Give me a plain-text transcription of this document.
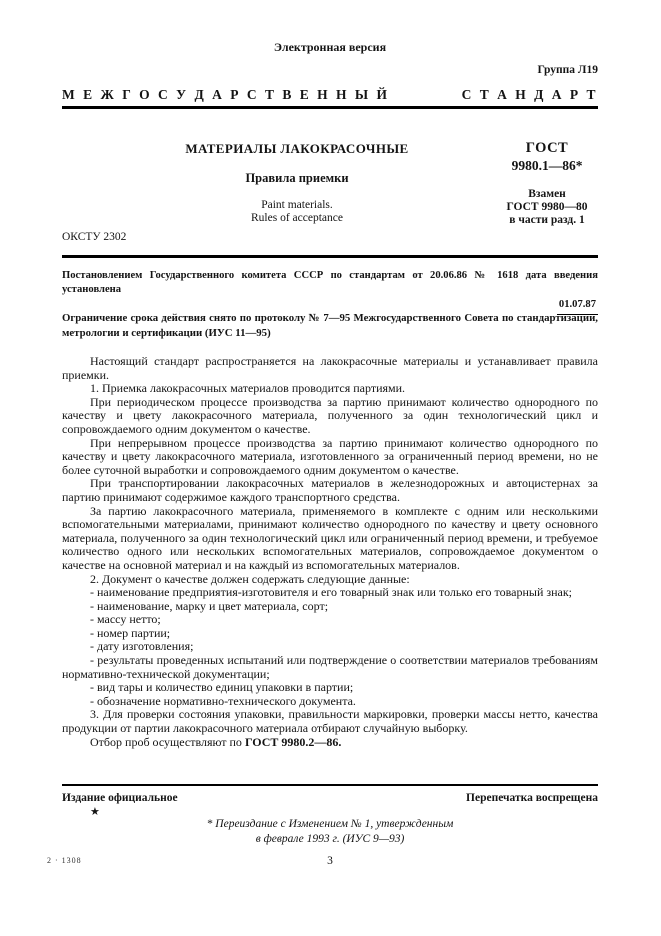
Электронная версия
Группа Л19
М Е Ж Г О С У Д А Р С Т В Е Н Н Ы Й	С Т А Н Д А Р Т
МАТЕРИАЛЫ ЛАКОКРАСОЧНЫЕ
Правила приемки
Paint materials.
Rules of acceptance
ГОСТ
9980.1—86*
Взамен
ГОСТ 9980—80
в части разд. 1
ОКСТУ 2302
Постановлением Государственного комитета СССР по стандартам от 20.06.86 № 1618 дата введения установлена
01.07.87
Ограничение срока действия снято по протоколу № 7—95 Межгосударственного Совета по стандартизации, метрологии и сертификации (ИУС 11—95)

Настоящий стандарт распространяется на лакокрасочные материалы и устанавливает правила приемки.

1. Приемка лакокрасочных материалов проводится партиями.

При периодическом процессе производства за партию принимают количество однородного по качеству и цвету лакокрасочного материала, полученного за один технологический цикл и сопровождаемого одним документом о качестве.

При непрерывном процессе производства за партию принимают количество однородного по качеству и цвету лакокрасочного материала, изготовленного за ограниченный период времени, но не более суточной выработки и сопровождаемого одним документом о качестве.

При транспортировании лакокрасочных материалов в железнодорожных и автоцистернах за партию принимают содержимое каждого транспортного средства.

За партию лакокрасочного материала, применяемого в комплекте с одним или несколькими вспомогательными материалами, принимают количество однородного по качеству и цвету основного материала, полученного за один технологический цикл или ограниченный период времени, и требуемое количество одного или нескольких вспомогательных материалов, сопровождаемое документом о качестве на основной материал и на каждый из вспомогательных материалов.

2. Документ о качестве должен содержать следующие данные:

- наименование предприятия-изготовителя и его товарный знак или только его товарный знак;

- наименование, марку и цвет материала, сорт;

- массу нетто;

- номер партии;

- дату изготовления;

- результаты проведенных испытаний или подтверждение о соответствии материалов требованиям нормативно-технической документации;

- вид тары и количество единиц упаковки в партии;

- обозначение нормативно-технического документа.

3. Для проверки состояния упаковки, правильности маркировки, проверки массы нетто, качества продукции от партии лакокрасочного материала отбирают случайную выборку.

Отбор проб осуществляют по ГОСТ 9980.2—86.

Издание официальное	Перепечатка воспрещена
★
* Переиздание с Изменением № 1, утвержденным
в феврале 1993 г. (ИУС 9—93)
2 · 1308	3
